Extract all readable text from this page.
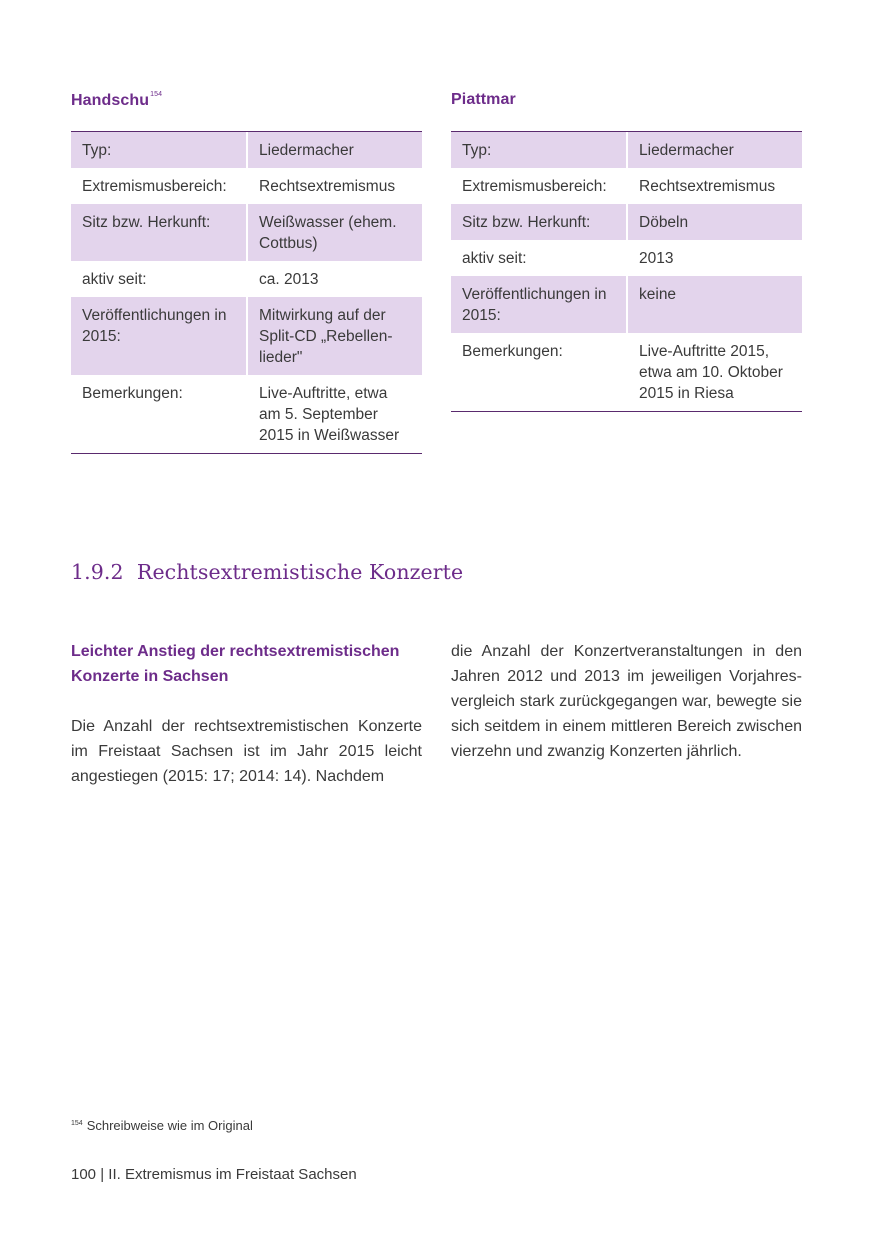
Handschu$^{154}$
Typ:	Liedermacher
Extremismusbereich:	Rechtsextremismus
Sitz bzw. Herkunft:	Weißwasser (ehem. Cottbus)
aktiv seit:	ca. 2013
Veröffentlichungen in 2015:	Mitwirkung auf der Split-CD „Rebellenlieder"
Bemerkungen:	Live-Auftritte, etwa am 5. September 2015 in Weißwasser
Piattmar
Typ:	Liedermacher
Extremismusbereich:	Rechtsextremismus
Sitz bzw. Herkunft:	Döbeln
aktiv seit:	2013
Veröffentlichungen in 2015:	keine
Bemerkungen:	Live-Auftritte 2015, etwa am 10. Oktober 2015 in Riesa
1.9.2 Rechtsextremistische Konzerte
Leichter Anstieg der rechtsextremistischen Konzerte in Sachsen

Die Anzahl der rechtsextremistischen Konzerte im Freistaat Sachsen ist im Jahr 2015 leicht angestiegen (2015: 17; 2014: 14). Nachdem

die Anzahl der Konzertveranstaltungen in den Jahren 2012 und 2013 im jeweiligen Vorjahresvergleich stark zurückgegangen war, bewegte sie sich seitdem in einem mittleren Bereich zwischen vierzehn und zwanzig Konzerten jährlich.

$^{154}$ Schreibweise wie im Original
100 | II. Extremismus im Freistaat Sachsen
